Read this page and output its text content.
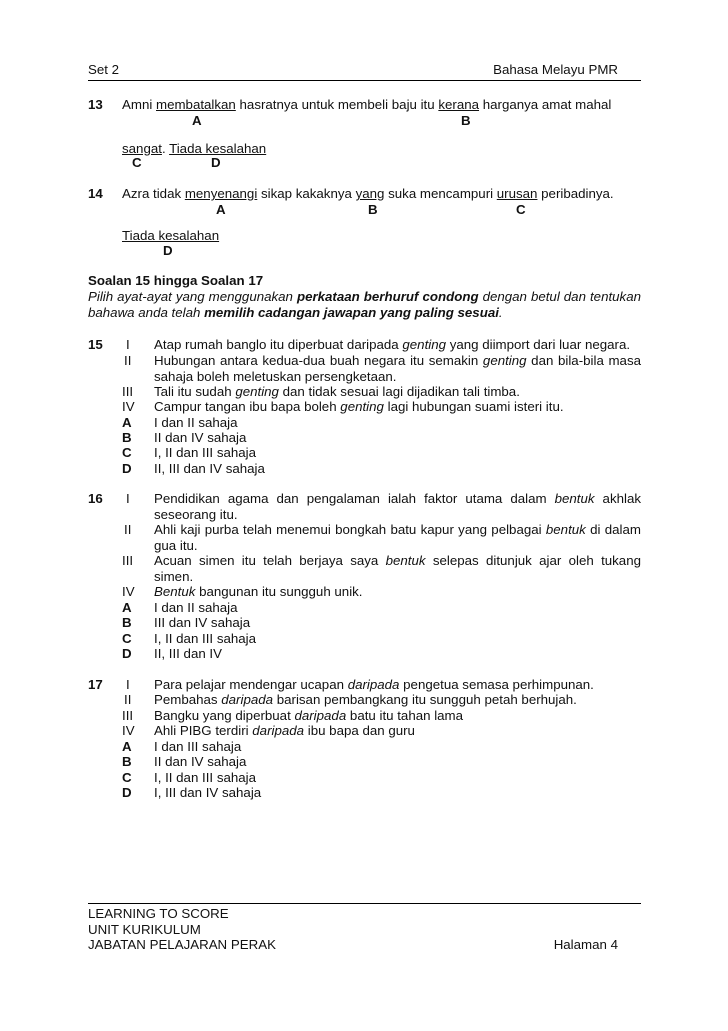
Set 2	Bahasa Melayu PMR
13 Amni membatalkan hasratnya untuk membeli baju itu kerana harganya amat mahal
A	B
sangat. Tiada kesalahan
C	D
14 Azra tidak menyenangi sikap kakaknya yang suka mencampuri urusan peribadinya.
A	B	C
Tiada kesalahan
D
Soalan 15 hingga Soalan 17
Pilih ayat-ayat yang menggunakan perkataan berhuruf condong dengan betul dan tentukan bahawa anda telah memilih cadangan jawapan yang paling sesuai.
15 I Atap rumah banglo itu diperbuat daripada genting yang diimport dari luar negara.
II Hubungan antara kedua-dua buah negara itu semakin genting dan bila-bila masa sahaja boleh meletuskan persengketaan.
III Tali itu sudah genting dan tidak sesuai lagi dijadikan tali timba.
IV Campur tangan ibu bapa boleh genting lagi hubungan suami isteri itu.
A I dan II sahaja
B II dan IV sahaja
C I, II dan III sahaja
D II, III dan IV sahaja
16 I Pendidikan agama dan pengalaman ialah faktor utama dalam bentuk akhlak seseorang itu.
II Ahli kaji purba telah menemui bongkah batu kapur yang pelbagai bentuk di dalam gua itu.
III Acuan simen itu telah berjaya saya bentuk selepas ditunjuk ajar oleh tukang simen.
IV Bentuk bangunan itu sungguh unik.
A I dan II sahaja
B III dan IV sahaja
C I, II dan III sahaja
D II, III dan IV
17 I Para pelajar mendengar ucapan daripada pengetua semasa perhimpunan.
II Pembahas daripada barisan pembangkang itu sungguh petah berhujah.
III Bangku yang diperbuat daripada batu itu tahan lama
IV Ahli PIBG terdiri daripada ibu bapa dan guru
A I dan III sahaja
B II dan IV sahaja
C I, II dan III sahaja
D I, III dan IV sahaja
LEARNING TO SCORE
UNIT KURIKULUM
JABATAN PELAJARAN PERAK	Halaman 4
